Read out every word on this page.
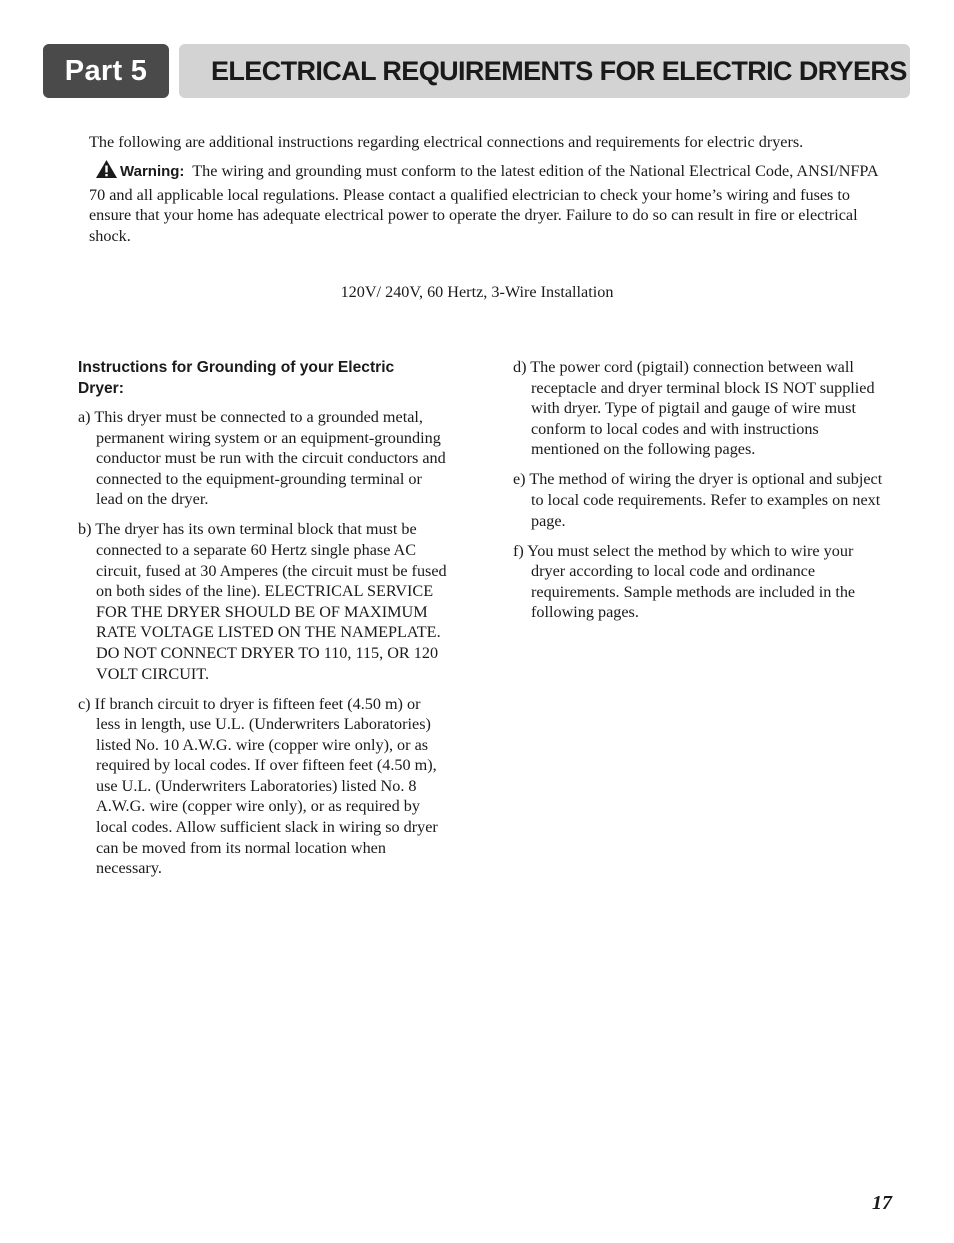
Part 5	ELECTRICAL REQUIREMENTS FOR ELECTRIC DRYERS

The following are additional instructions regarding electrical connections and requirements for electric dryers.

Warning: The wiring and grounding must conform to the latest edition of the National Electrical Code, ANSI/NFPA 70 and all applicable local regulations. Please contact a qualified electrician to check your home’s wiring and fuses to ensure that your home has adequate electrical power to operate the dryer. Failure to do so can result in fire or electrical shock.

120V/ 240V, 60 Hertz, 3-Wire Installation

Instructions for Grounding of your Electric Dryer:

a) This dryer must be connected to a grounded metal, permanent wiring system or an equipment-grounding conductor must be run with the circuit conductors and connected to the equipment-grounding terminal or lead on the dryer.

b) The dryer has its own terminal block that must be connected to a separate 60 Hertz single phase AC circuit, fused at 30 Amperes (the circuit must be fused on both sides of the line). ELECTRICAL SERVICE FOR THE DRYER SHOULD BE OF MAXIMUM RATE VOLTAGE LISTED ON THE NAMEPLATE. DO NOT CONNECT DRYER TO 110, 115, OR 120 VOLT CIRCUIT.

c) If branch circuit to dryer is fifteen feet (4.50 m) or less in length, use U.L. (Underwriters Laboratories) listed No. 10 A.W.G. wire (copper wire only), or as required by local codes. If over fifteen feet (4.50 m), use U.L. (Underwriters Laboratories) listed No. 8 A.W.G. wire (copper wire only), or as required by local codes. Allow sufficient slack in wiring so dryer can be moved from its normal location when necessary.

d) The power cord (pigtail) connection between wall receptacle and dryer terminal block IS NOT supplied with dryer. Type of pigtail and gauge of wire must conform to local codes and with instructions mentioned on the following pages.

e) The method of wiring the dryer is optional and subject to local code requirements. Refer to examples on next page.

f) You must select the method by which to wire your dryer according to local code and ordinance requirements. Sample methods are included in the following pages.

17
